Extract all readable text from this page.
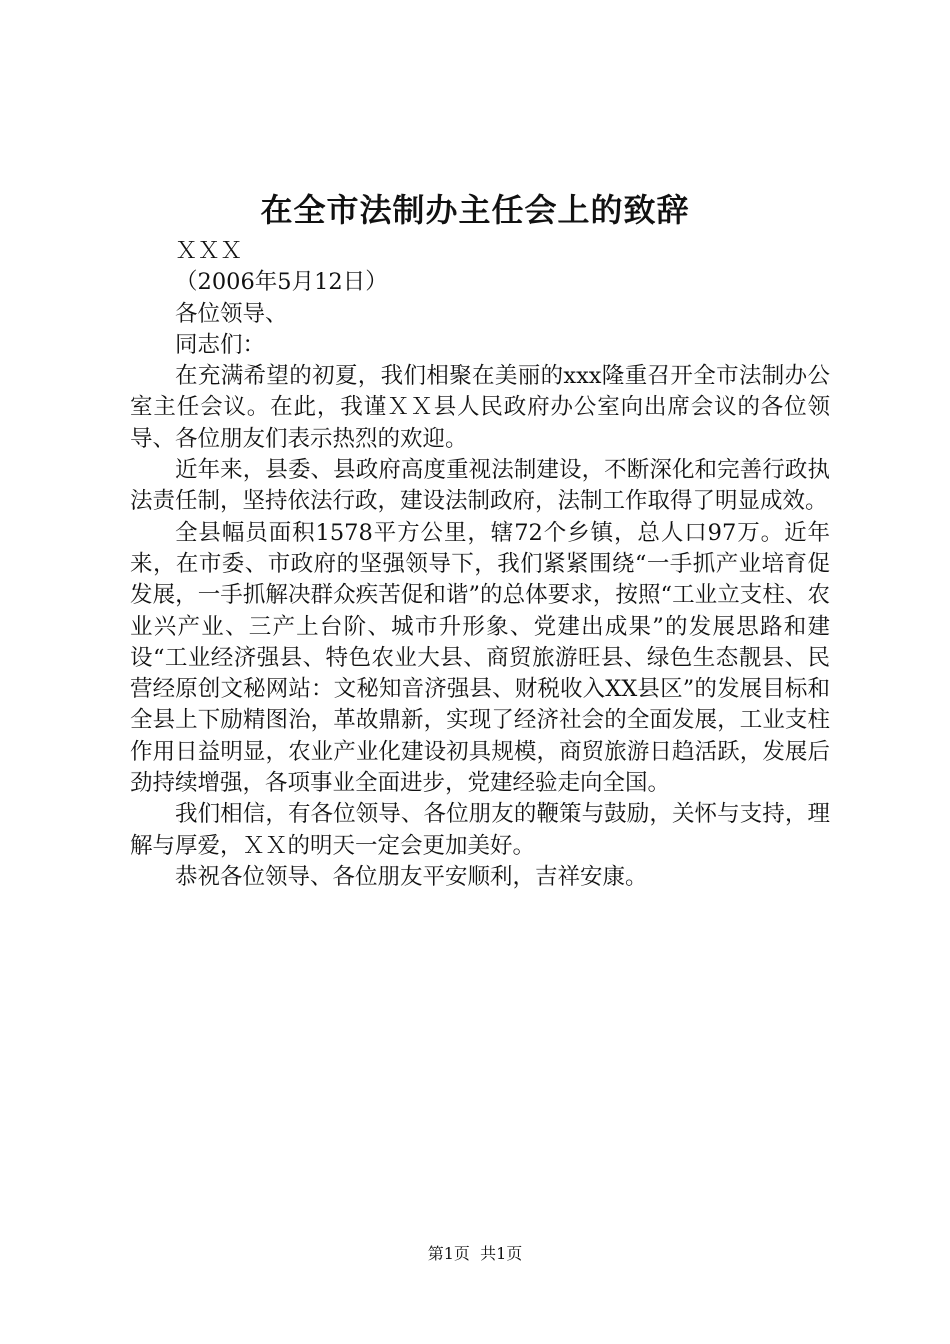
在全市法制办主任会上的致辞

ＸＸＸ

（2006年5月12日）

各位领导、

同志们：

在充满希望的初夏，我们相聚在美丽的xxx隆重召开全市法制办公室主任会议。在此，我谨ＸＸ县人民政府办公室向出席会议的各位领导、各位朋友们表示热烈的欢迎。

近年来，县委、县政府高度重视法制建设，不断深化和完善行政执法责任制，坚持依法行政，建设法制政府，法制工作取得了明显成效。

全县幅员面积1578平方公里，辖72个乡镇，总人口97万。近年来，在市委、市政府的坚强领导下，我们紧紧围绕“一手抓产业培育促发展，一手抓解决群众疾苦促和谐”的总体要求，按照“工业立支柱、农业兴产业、三产上台阶、城市升形象、党建出成果”的发展思路和建设“工业经济强县、特色农业大县、商贸旅游旺县、绿色生态靓县、民营经原创文秘网站：文秘知音济强县、财税收入XX县区”的发展目标和全县上下励精图治，革故鼎新，实现了经济社会的全面发展，工业支柱作用日益明显，农业产业化建设初具规模，商贸旅游日趋活跃，发展后劲持续增强，各项事业全面进步，党建经验走向全国。

我们相信，有各位领导、各位朋友的鞭策与鼓励，关怀与支持，理解与厚爱，ＸＸ的明天一定会更加美好。

恭祝各位领导、各位朋友平安顺利，吉祥安康。

第1页  共1页
